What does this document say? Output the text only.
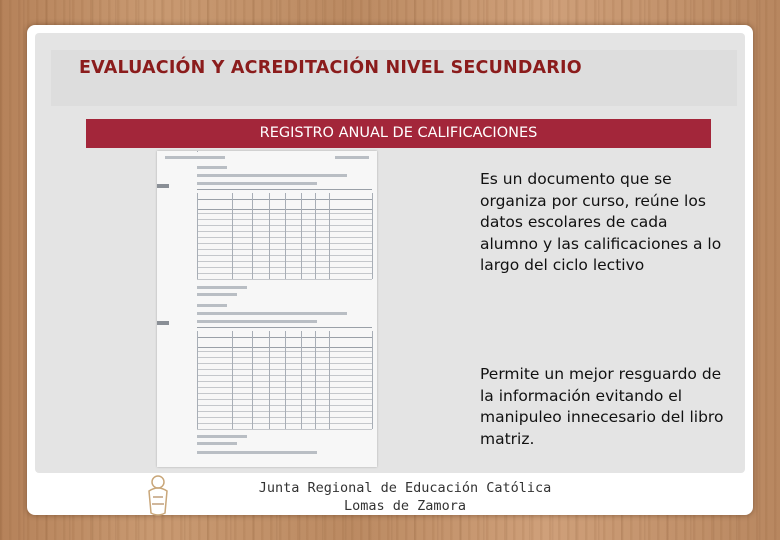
EVALUACIÓN Y ACREDITACIÓN NIVEL SECUNDARIO
REGISTRO ANUAL DE CALIFICACIONES

Es un documento que se organiza por curso, reúne los datos escolares de cada alumno y las calificaciones a lo largo del ciclo lectivo

Permite un mejor resguardo de la información evitando el manipuleo innecesario del libro matriz.

Junta Regional de Educación Católica
Lomas de Zamora
